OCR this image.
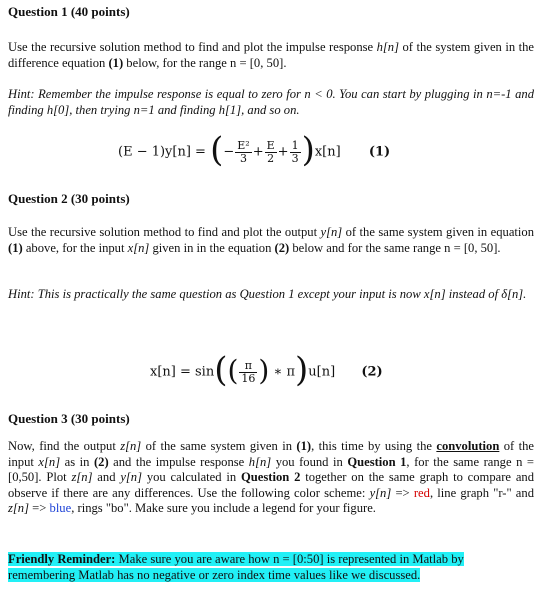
Question 1 (40 points)
Use the recursive solution method to find and plot the impulse response h[n] of the system given in the difference equation (1) below, for the range n = [0, 50].
Hint: Remember the impulse response is equal to zero for n < 0. You can start by plugging in n=-1 and finding h[0], then trying n=1 and finding h[1], and so on.
(E − 1)y[n] = (− $\frac{\text{E²}}{3} + \frac{E}{2} + \frac{1}{3} )x[n]$ (1)
Question 2 (30 points)
Use the recursive solution method to find and plot the output y[n] of the same system given in equation (1) above, for the input x[n] given in in the equation (2) below and for the same range n = [0, 50].
Hint: This is practically the same question as Question 1 except your input is now x[n] instead of δ[n].
$x[n] = \sin(( \frac{\pi}{16}$ ) ∗ π)u[n] (2)
Question 3 (30 points)
Now, find the output z[n] of the same system given in (1), this time by using the convolution of the input x[n] as in (2) and the impulse response h[n] you found in Question 1, for the same range n = [0,50]. Plot z[n] and y[n] you calculated in Question 2 together on the same graph to compare and observe if there are any differences. Use the following color scheme: y[n] => red, line graph "r-" and z[n] => blue, rings "bo". Make sure you include a legend for your figure.
Friendly Reminder: Make sure you are aware how n = [0:50] is represented in Matlab by remembering Matlab has no negative or zero index time values like we discussed.
